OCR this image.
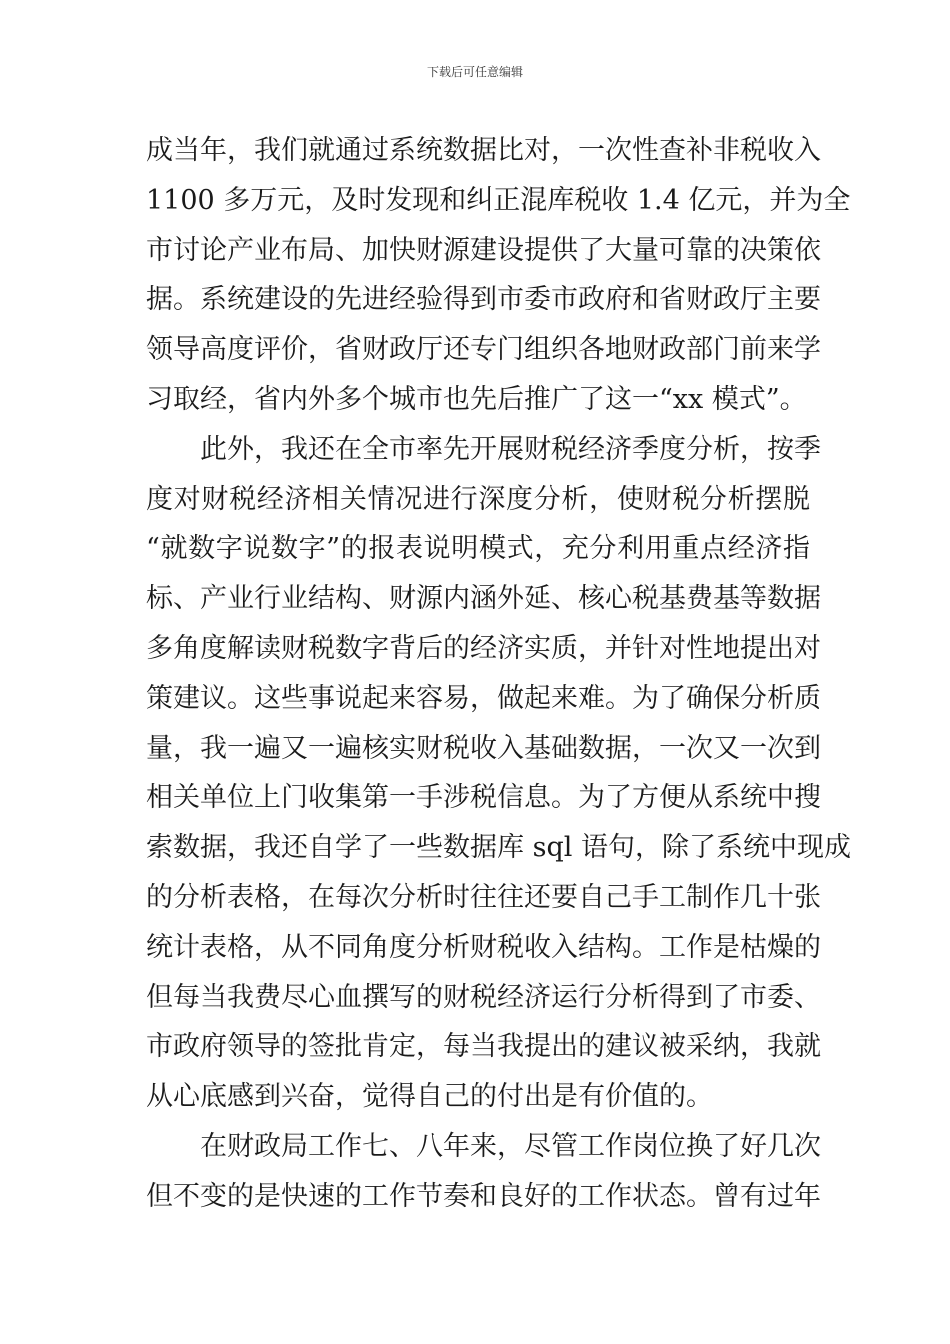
下载后可任意编辑
成当年，我们就通过系统数据比对，一次性查补非税收入
1100 多万元，及时发现和纠正混库税收 1.4 亿元，并为全
市讨论产业布局、加快财源建设提供了大量可靠的决策依
据。系统建设的先进经验得到市委市政府和省财政厅主要
领导高度评价，省财政厅还专门组织各地财政部门前来学
习取经，省内外多个城市也先后推广了这一“xx 模式”。
此外，我还在全市率先开展财税经济季度分析，按季
度对财税经济相关情况进行深度分析，使财税分析摆脱
“就数字说数字”的报表说明模式，充分利用重点经济指
标、产业行业结构、财源内涵外延、核心税基费基等数据
多角度解读财税数字背后的经济实质，并针对性地提出对
策建议。这些事说起来容易，做起来难。为了确保分析质
量，我一遍又一遍核实财税收入基础数据，一次又一次到
相关单位上门收集第一手涉税信息。为了方便从系统中搜
索数据，我还自学了一些数据库 sql 语句，除了系统中现成
的分析表格，在每次分析时往往还要自己手工制作几十张
统计表格，从不同角度分析财税收入结构。工作是枯燥的
但每当我费尽心血撰写的财税经济运行分析得到了市委、
市政府领导的签批肯定，每当我提出的建议被采纳，我就
从心底感到兴奋，觉得自己的付出是有价值的。
在财政局工作七、八年来，尽管工作岗位换了好几次
但不变的是快速的工作节奏和良好的工作状态。曾有过年
